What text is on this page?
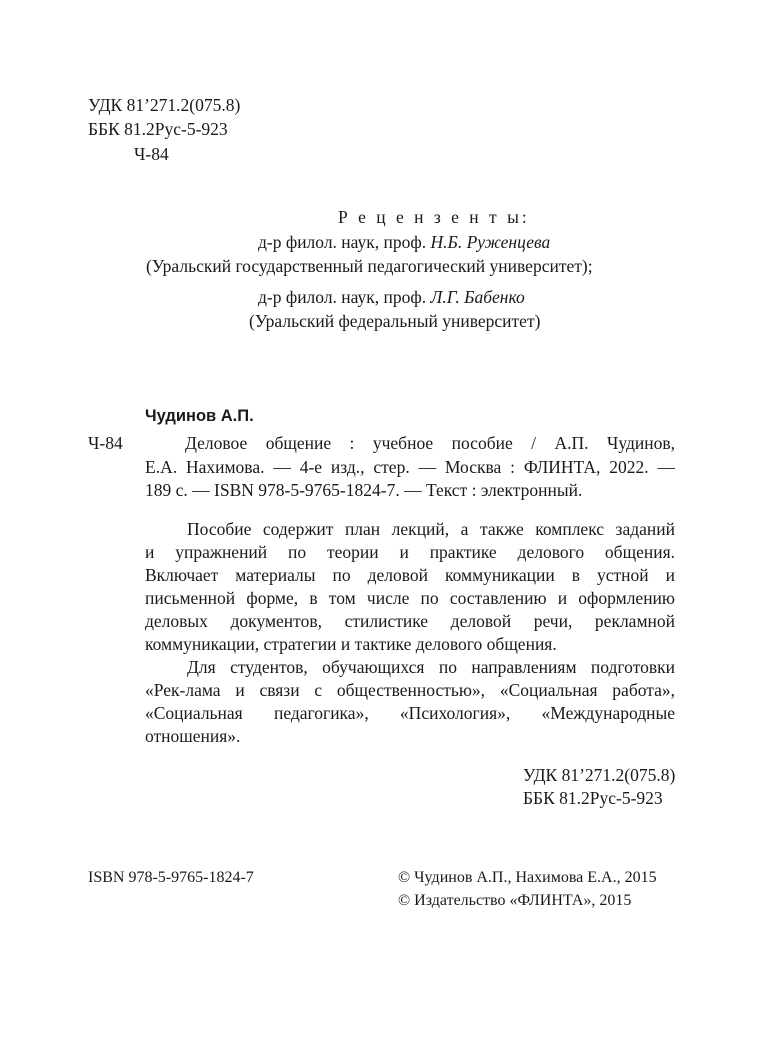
УДК 81’271.2(075.8)
ББК 81.2Рус-5-923
Ч-84
Р е ц е н з е н т ы:
д-р филол. наук, проф. Н.Б. Руженцева
(Уральский государственный педагогический университет);
д-р филол. наук, проф. Л.Г. Бабенко
(Уральский федеральный университет)
Чудинов А.П.
Ч-84	Деловое общение : учебное пособие / А.П. Чудинов,
Е.А. Нахимова. — 4-е изд., стер. — Москва : ФЛИНТА, 2022. —
189 с. — ISBN 978-5-9765-1824-7. — Текст : электронный.
Пособие содержит план лекций, а также комплекс заданий
и упражнений по теории и практике делового общения.
Включает материалы по деловой коммуникации в устной и
письменной форме, в том числе по составлению и оформлению
деловых документов, стилистике деловой речи, рекламной
коммуникации, стратегии и тактике делового общения.
Для студентов, обучающихся по направлениям подготовки
«Рек-лама и связи с общественностью», «Социальная работа»,
«Социальная педагогика», «Психология», «Международные
отношения».
УДК 81’271.2(075.8)
ББК 81.2Рус-5-923
ISBN 978-5-9765-1824-7	© Чудинов А.П., Нахимова Е.А., 2015
© Издательство «ФЛИНТА», 2015
